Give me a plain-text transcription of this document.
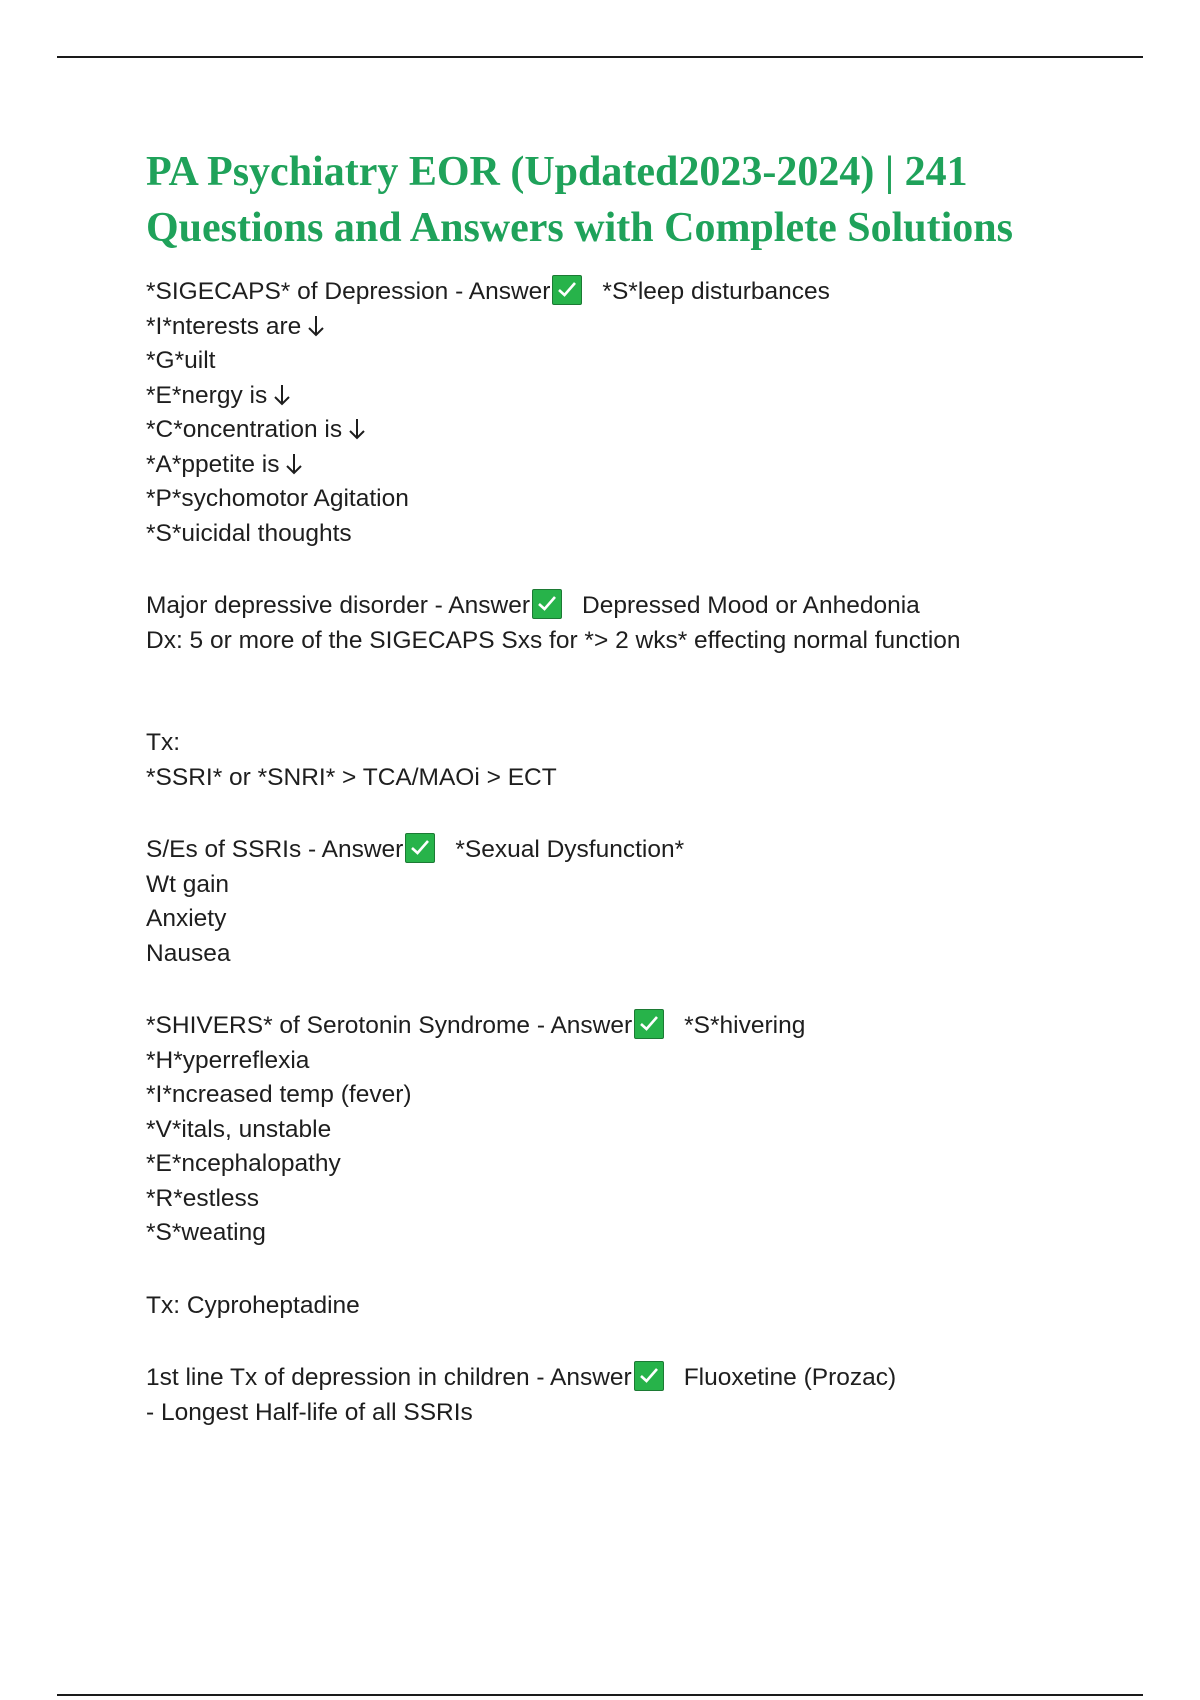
PA Psychiatry EOR (Updated2023-2024) | 241
Questions and Answers with Complete Solutions
*SIGECAPS* of Depression - Answer *S*leep disturbances
*I*nterests are
*G*uilt
*E*nergy is
*C*oncentration is
*A*ppetite is
*P*sychomotor Agitation
*S*uicidal thoughts
Major depressive disorder - Answer Depressed Mood or Anhedonia
Dx: 5 or more of the SIGECAPS Sxs for *> 2 wks* effecting normal function
Tx:
*SSRI* or *SNRI* > TCA/MAOi > ECT
S/Es of SSRIs - Answer *Sexual Dysfunction*
Wt gain
Anxiety
Nausea
*SHIVERS* of Serotonin Syndrome - Answer *S*hivering
*H*yperreflexia
*I*ncreased temp (fever)
*V*itals, unstable
*E*ncephalopathy
*R*estless
*S*weating
Tx: Cyproheptadine
1st line Tx of depression in children - Answer Fluoxetine (Prozac)
- Longest Half-life of all SSRIs
